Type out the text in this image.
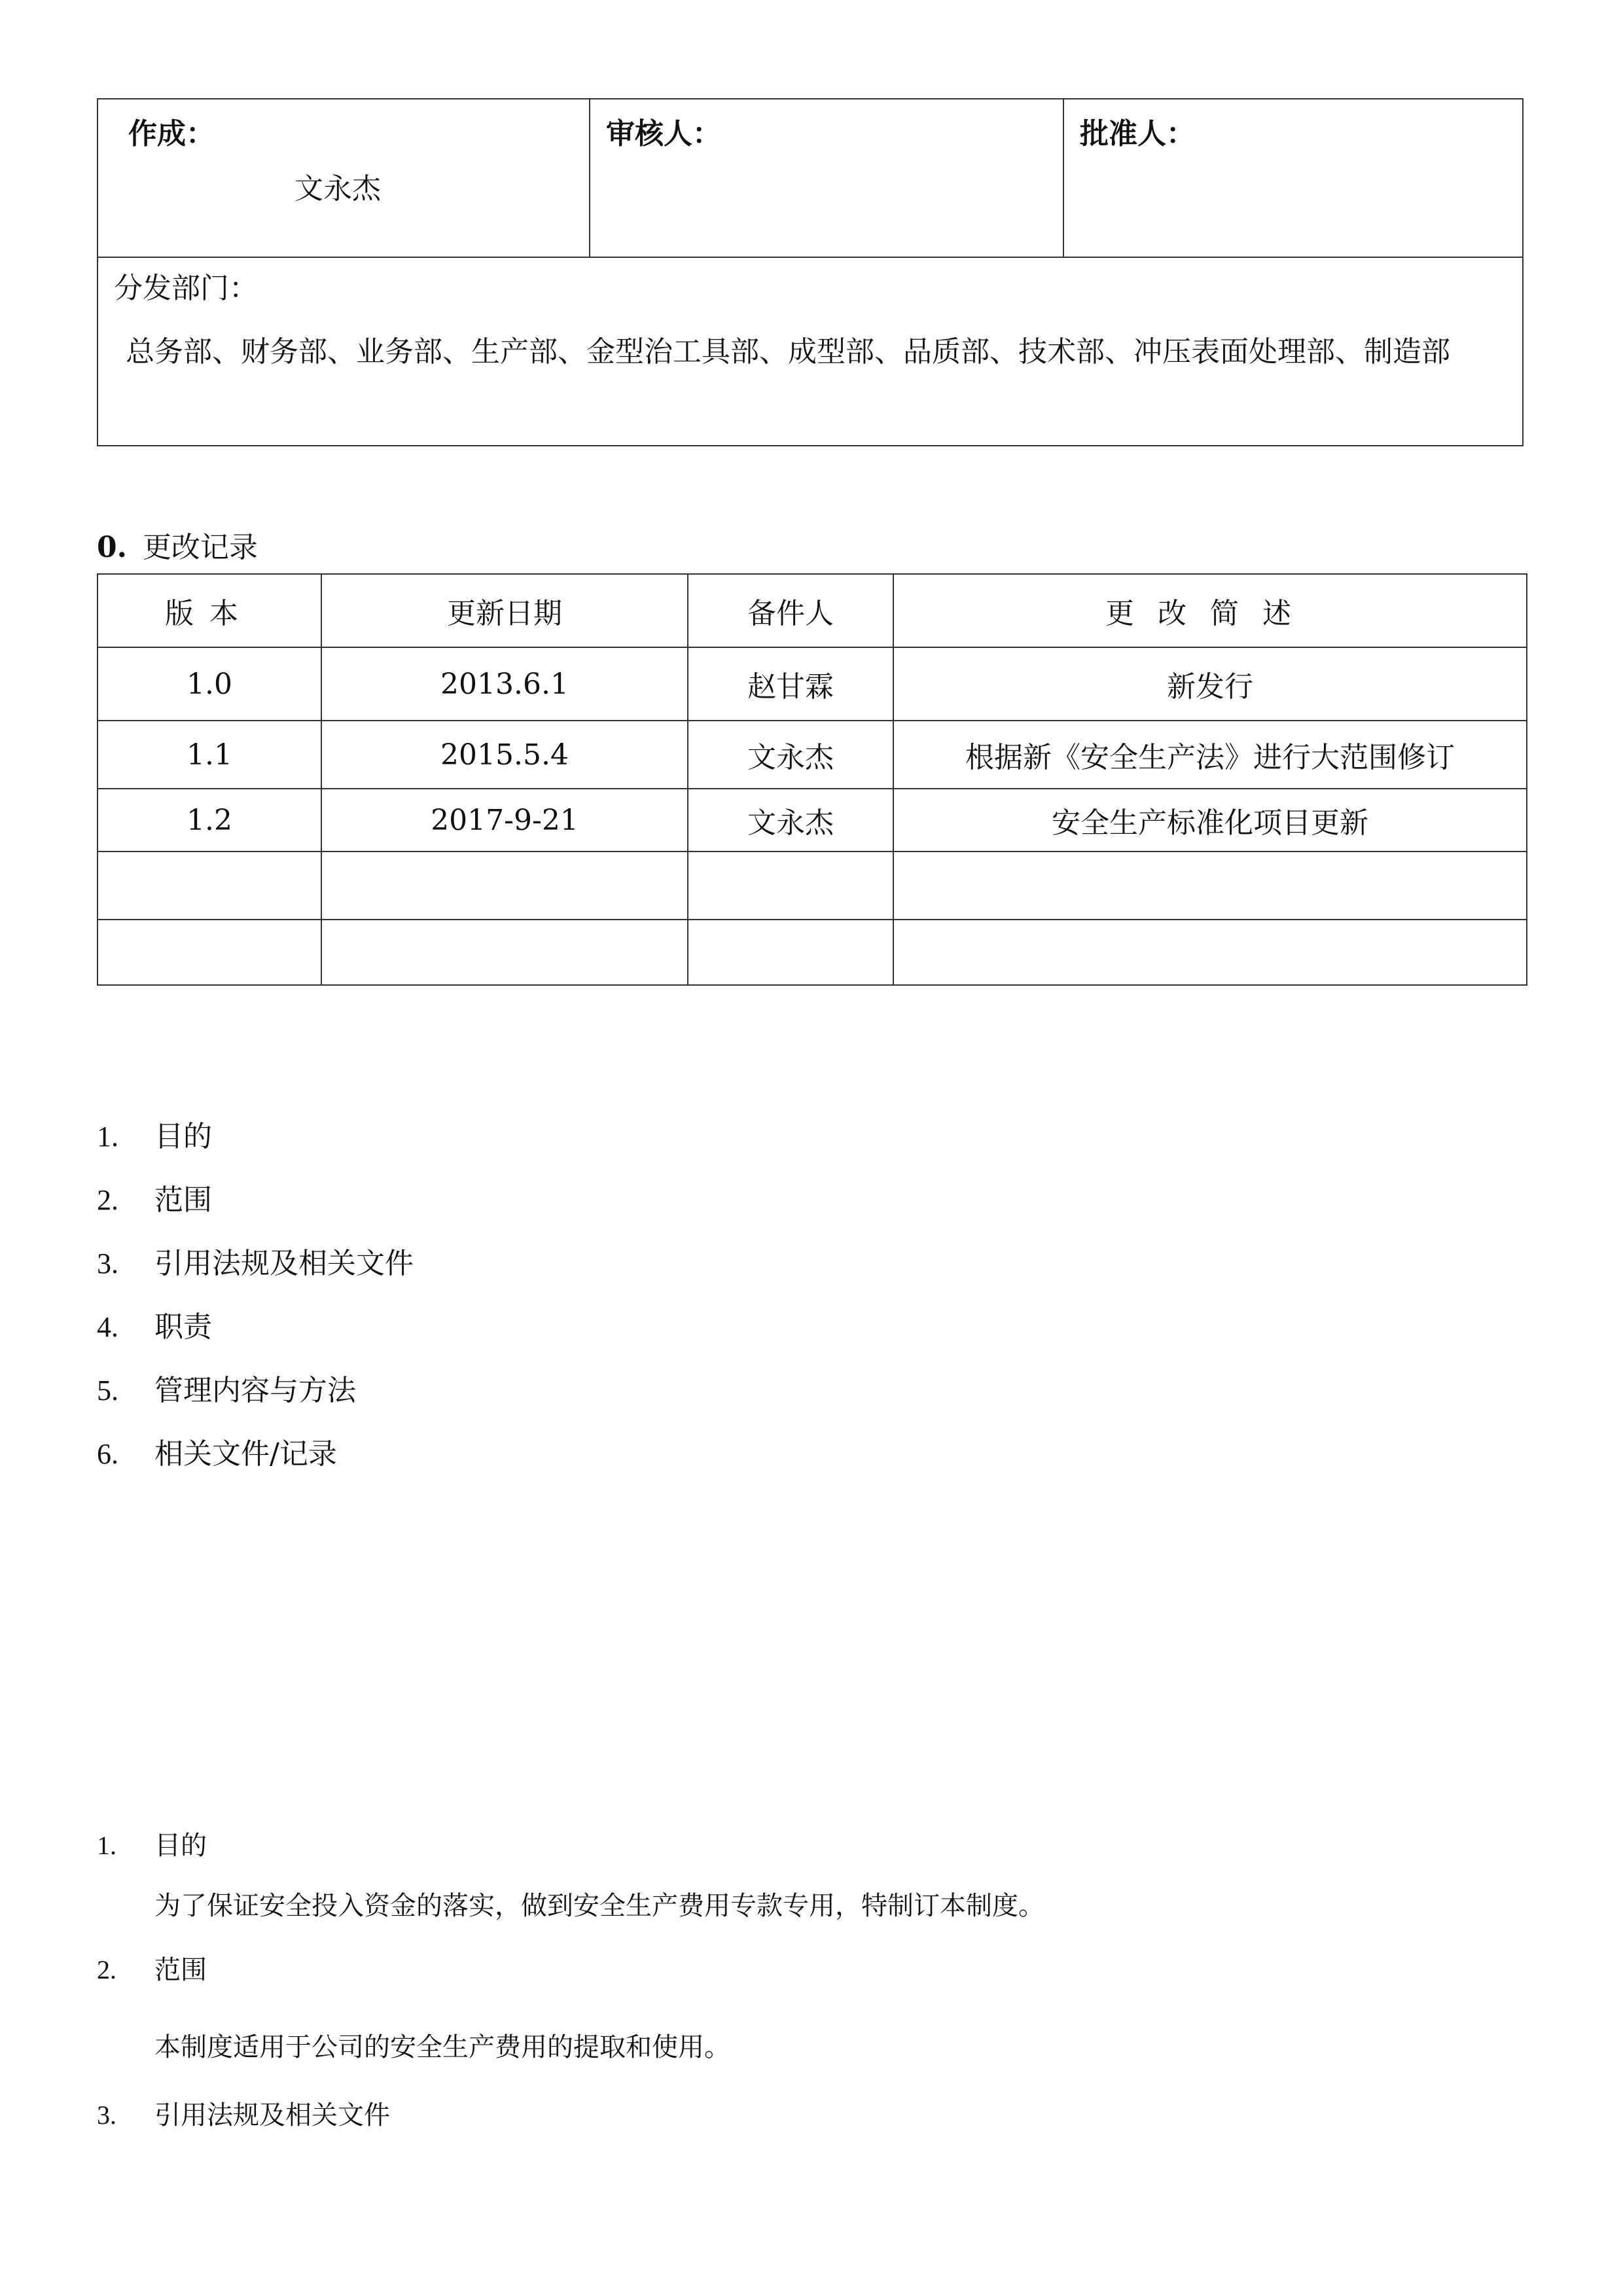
作成：
文永杰
审核人：	批准人：
分发部门：
总务部、财务部、业务部、生产部、金型治工具部、成型部、品质部、技术部、冲压表面处理部、制造部
0. 更改记录
版本	更新日期	备件人	更改简述
1.0	2013.6.1	赵甘霖	新发行
1.1	2015.5.4	文永杰	根据新《安全生产法》进行大范围修订
1.2	2017-9-21	文永杰	安全生产标准化项目更新

1. 目的
2. 范围
3. 引用法规及相关文件
4. 职责
5. 管理内容与方法
6. 相关文件/记录
1. 目的
为了保证安全投入资金的落实，做到安全生产费用专款专用，特制订本制度。
2. 范围
本制度适用于公司的安全生产费用的提取和使用。
3. 引用法规及相关文件
